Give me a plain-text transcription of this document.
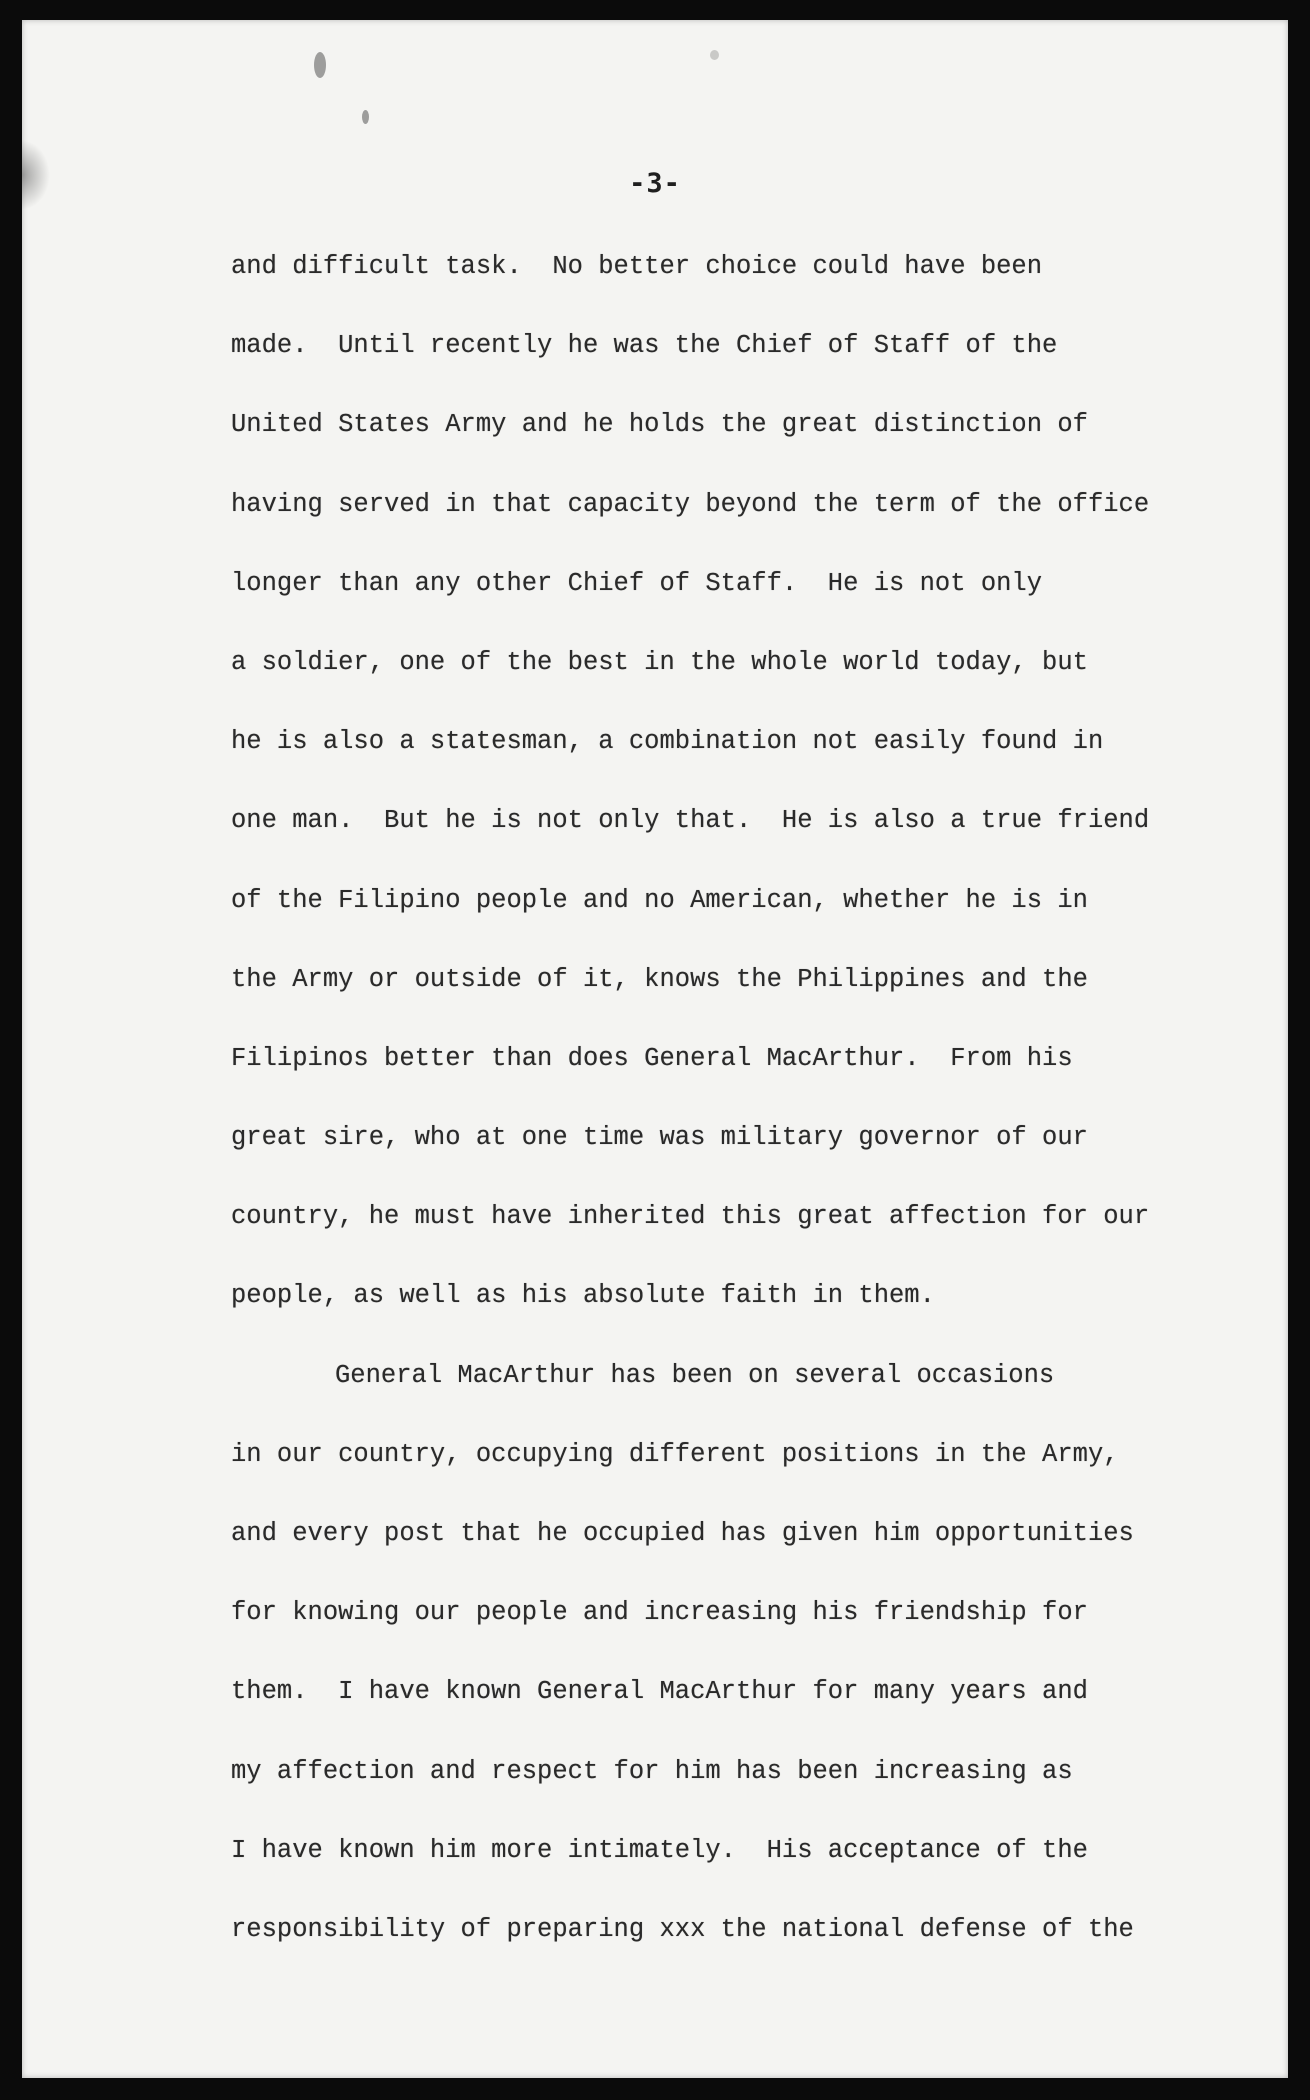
-3-
and difficult task.  No better choice could have been
made.  Until recently he was the Chief of Staff of the
United States Army and he holds the great distinction of
having served in that capacity beyond the term of the office
longer than any other Chief of Staff.  He is not only
a soldier, one of the best in the whole world today, but
he is also a statesman, a combination not easily found in
one man.  But he is not only that.  He is also a true friend
of the Filipino people and no American, whether he is in
the Army or outside of it, knows the Philippines and the
Filipinos better than does General MacArthur.  From his
great sire, who at one time was military governor of our
country, he must have inherited this great affection for our
people, as well as his absolute faith in them.
General MacArthur has been on several occasions
in our country, occupying different positions in the Army,
and every post that he occupied has given him opportunities
for knowing our people and increasing his friendship for
them.  I have known General MacArthur for many years and
my affection and respect for him has been increasing as
I have known him more intimately.  His acceptance of the
responsibility of preparing xxx the national defense of the
